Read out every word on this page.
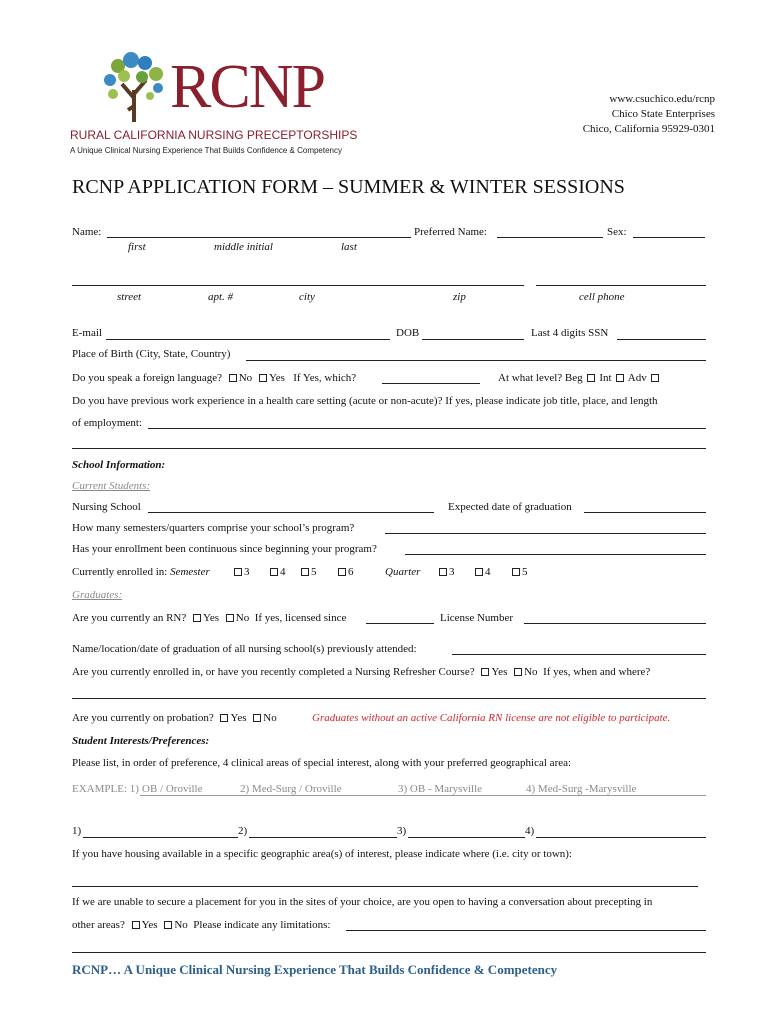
RCNP
RURAL CALIFORNIA NURSING PRECEPTORSHIPS
A Unique Clinical Nursing Experience That Builds Confidence & Competency
www.csuchico.edu/rcnp
Chico State Enterprises
Chico, California 95929-0301
RCNP APPLICATION FORM – SUMMER & WINTER SESSIONS
Name:	Preferred Name:	Sex:
first	middle initial	last
street	apt. #	city	zip	cell phone
E-mail	DOB	Last 4 digits SSN
Place of Birth (City, State, Country)
Do you speak a foreign language? No Yes If Yes, which?	At what level? Beg Int Adv
Do you have previous work experience in a health care setting (acute or non-acute)? If yes, please indicate job title, place, and length
of employment:
School Information:
Current Students:
Nursing School	Expected date of graduation
How many semesters/quarters comprise your school’s program?
Has your enrollment been continuous since beginning your program?
Currently enrolled in: Semester	3	4	5	6	Quarter	3	4	5
Graduates:
Are you currently an RN? Yes No If yes, licensed since	License Number
Name/location/date of graduation of all nursing school(s) previously attended:
Are you currently enrolled in, or have you recently completed a Nursing Refresher Course? Yes No If yes, when and where?
Are you currently on probation? Yes No	Graduates without an active California RN license are not eligible to participate.
Student Interests/Preferences:
Please list, in order of preference, 4 clinical areas of special interest, along with your preferred geographical area:
EXAMPLE: 1) OB / Oroville	2) Med-Surg / Oroville	3) OB - Marysville	4) Med-Surg -Marysville
1)	2)	3)	4)
If you have housing available in a specific geographic area(s) of interest, please indicate where (i.e. city or town):
If we are unable to secure a placement for you in the sites of your choice, are you open to having a conversation about precepting in
other areas? Yes No Please indicate any limitations:
RCNP… A Unique Clinical Nursing Experience That Builds Confidence & Competency
